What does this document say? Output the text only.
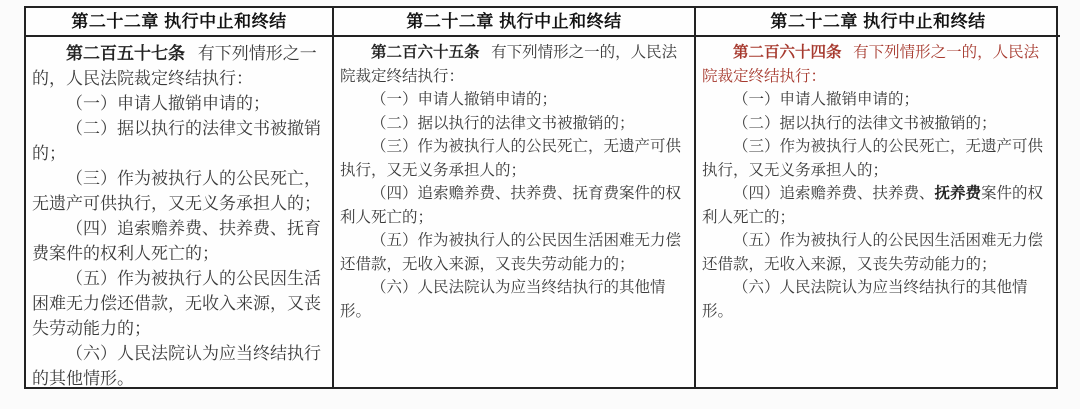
第二十二章 执行中止和终结

第二百五十七条 有下列情形之一的，人民法院裁定终结执行：

（一）申请人撤销申请的；

（二）据以执行的法律文书被撤销的；

（三）作为被执行人的公民死亡，无遗产可供执行，又无义务承担人的；

（四）追索赡养费、扶养费、抚育费案件的权利人死亡的；

（五）作为被执行人的公民因生活困难无力偿还借款，无收入来源，又丧失劳动能力的；

（六）人民法院认为应当终结执行的其他情形。

第二十二章 执行中止和终结

第二百六十五条 有下列情形之一的，人民法院裁定终结执行：

（一）申请人撤销申请的；

（二）据以执行的法律文书被撤销的；

（三）作为被执行人的公民死亡，无遗产可供执行，又无义务承担人的；

（四）追索赡养费、扶养费、抚育费案件的权利人死亡的；

（五）作为被执行人的公民因生活困难无力偿还借款，无收入来源，又丧失劳动能力的；

（六）人民法院认为应当终结执行的其他情形。

第二十二章 执行中止和终结

第二百六十四条 有下列情形之一的，人民法院裁定终结执行：

（一）申请人撤销申请的；

（二）据以执行的法律文书被撤销的；

（三）作为被执行人的公民死亡，无遗产可供执行，又无义务承担人的；

（四）追索赡养费、扶养费、抚养费案件的权利人死亡的；

（五）作为被执行人的公民因生活困难无力偿还借款，无收入来源，又丧失劳动能力的；

（六）人民法院认为应当终结执行的其他情形。
